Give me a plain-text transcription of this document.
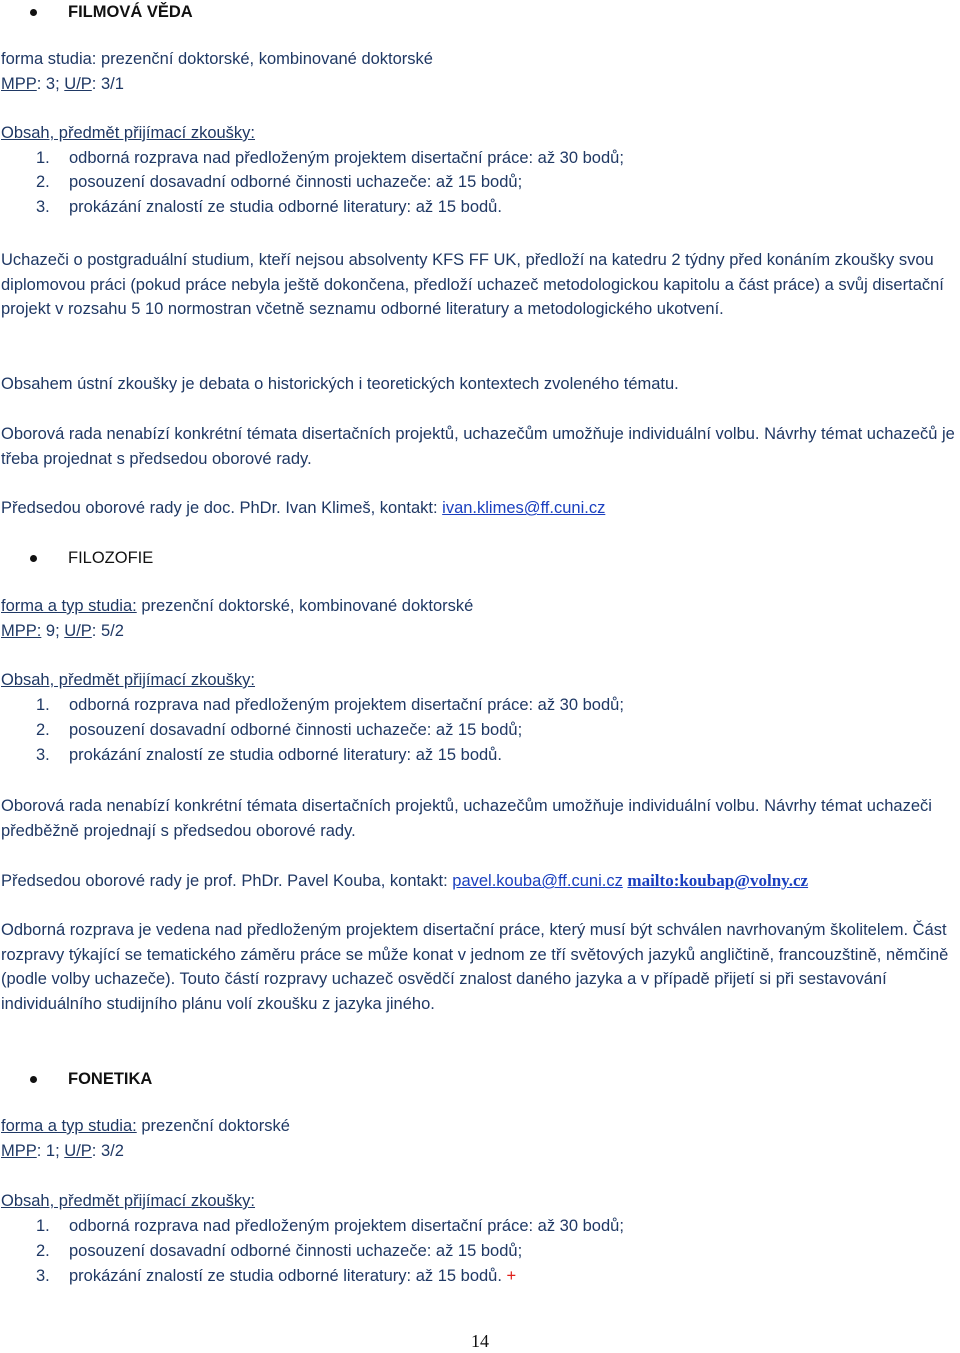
FILMOVÁ VĚDA
forma studia: prezenční doktorské, kombinované doktorské
MPP: 3; U/P: 3/1
Obsah, předmět přijímací zkoušky:
1. odborná rozprava nad předloženým projektem disertační práce: až 30 bodů;
2. posouzení dosavadní odborné činnosti uchazeče: až 15 bodů;
3. prokázání znalostí ze studia odborné literatury: až 15 bodů.
Uchazeči o postgraduální studium, kteří nejsou absolventy KFS FF UK, předloží na katedru 2 týdny před konáním zkoušky svou diplomovou práci (pokud práce nebyla ještě dokončena, předloží uchazeč metodologickou kapitolu a část práce) a svůj disertační projekt v rozsahu 5 10 normostran včetně seznamu odborné literatury a metodologického ukotvení.
Obsahem ústní zkoušky je debata o historických i teoretických kontextech zvoleného tématu.
Oborová rada nenabízí konkrétní témata disertačních projektů, uchazečům umožňuje individuální volbu. Návrhy témat uchazečů je třeba projednat s předsedou oborové rady.
Předsedou oborové rady je doc. PhDr. Ivan Klimeš, kontakt: ivan.klimes@ff.cuni.cz
FILOZOFIE
forma a typ studia: prezenční doktorské, kombinované doktorské
MPP: 9; U/P: 5/2
Obsah, předmět přijímací zkoušky:
1. odborná rozprava nad předloženým projektem disertační práce: až 30 bodů;
2. posouzení dosavadní odborné činnosti uchazeče: až 15 bodů;
3. prokázání znalostí ze studia odborné literatury: až 15 bodů.
Oborová rada nenabízí konkrétní témata disertačních projektů, uchazečům umožňuje individuální volbu. Návrhy témat uchazeči předběžně projednají s předsedou oborové rady.
Předsedou oborové rady je prof. PhDr. Pavel Kouba, kontakt: pavel.kouba@ff.cuni.cz mailto:koubap@volny.cz
Odborná rozprava je vedena nad předloženým projektem disertační práce, který musí být schválen navrhovaným školitelem. Část rozpravy týkající se tematického záměru práce se může konat v jednom ze tří světových jazyků angličtině, francouzštině, němčině (podle volby uchazeče). Touto částí rozpravy uchazeč osvědčí znalost daného jazyka a v případě přijetí si při sestavování individuálního studijního plánu volí zkoušku z jazyka jiného.
FONETIKA
forma a typ studia: prezenční doktorské
MPP: 1; U/P: 3/2
Obsah, předmět přijímací zkoušky:
1. odborná rozprava nad předloženým projektem disertační práce: až 30 bodů;
2. posouzení dosavadní odborné činnosti uchazeče: až 15 bodů;
3. prokázání znalostí ze studia odborné literatury: až 15 bodů. +
14
